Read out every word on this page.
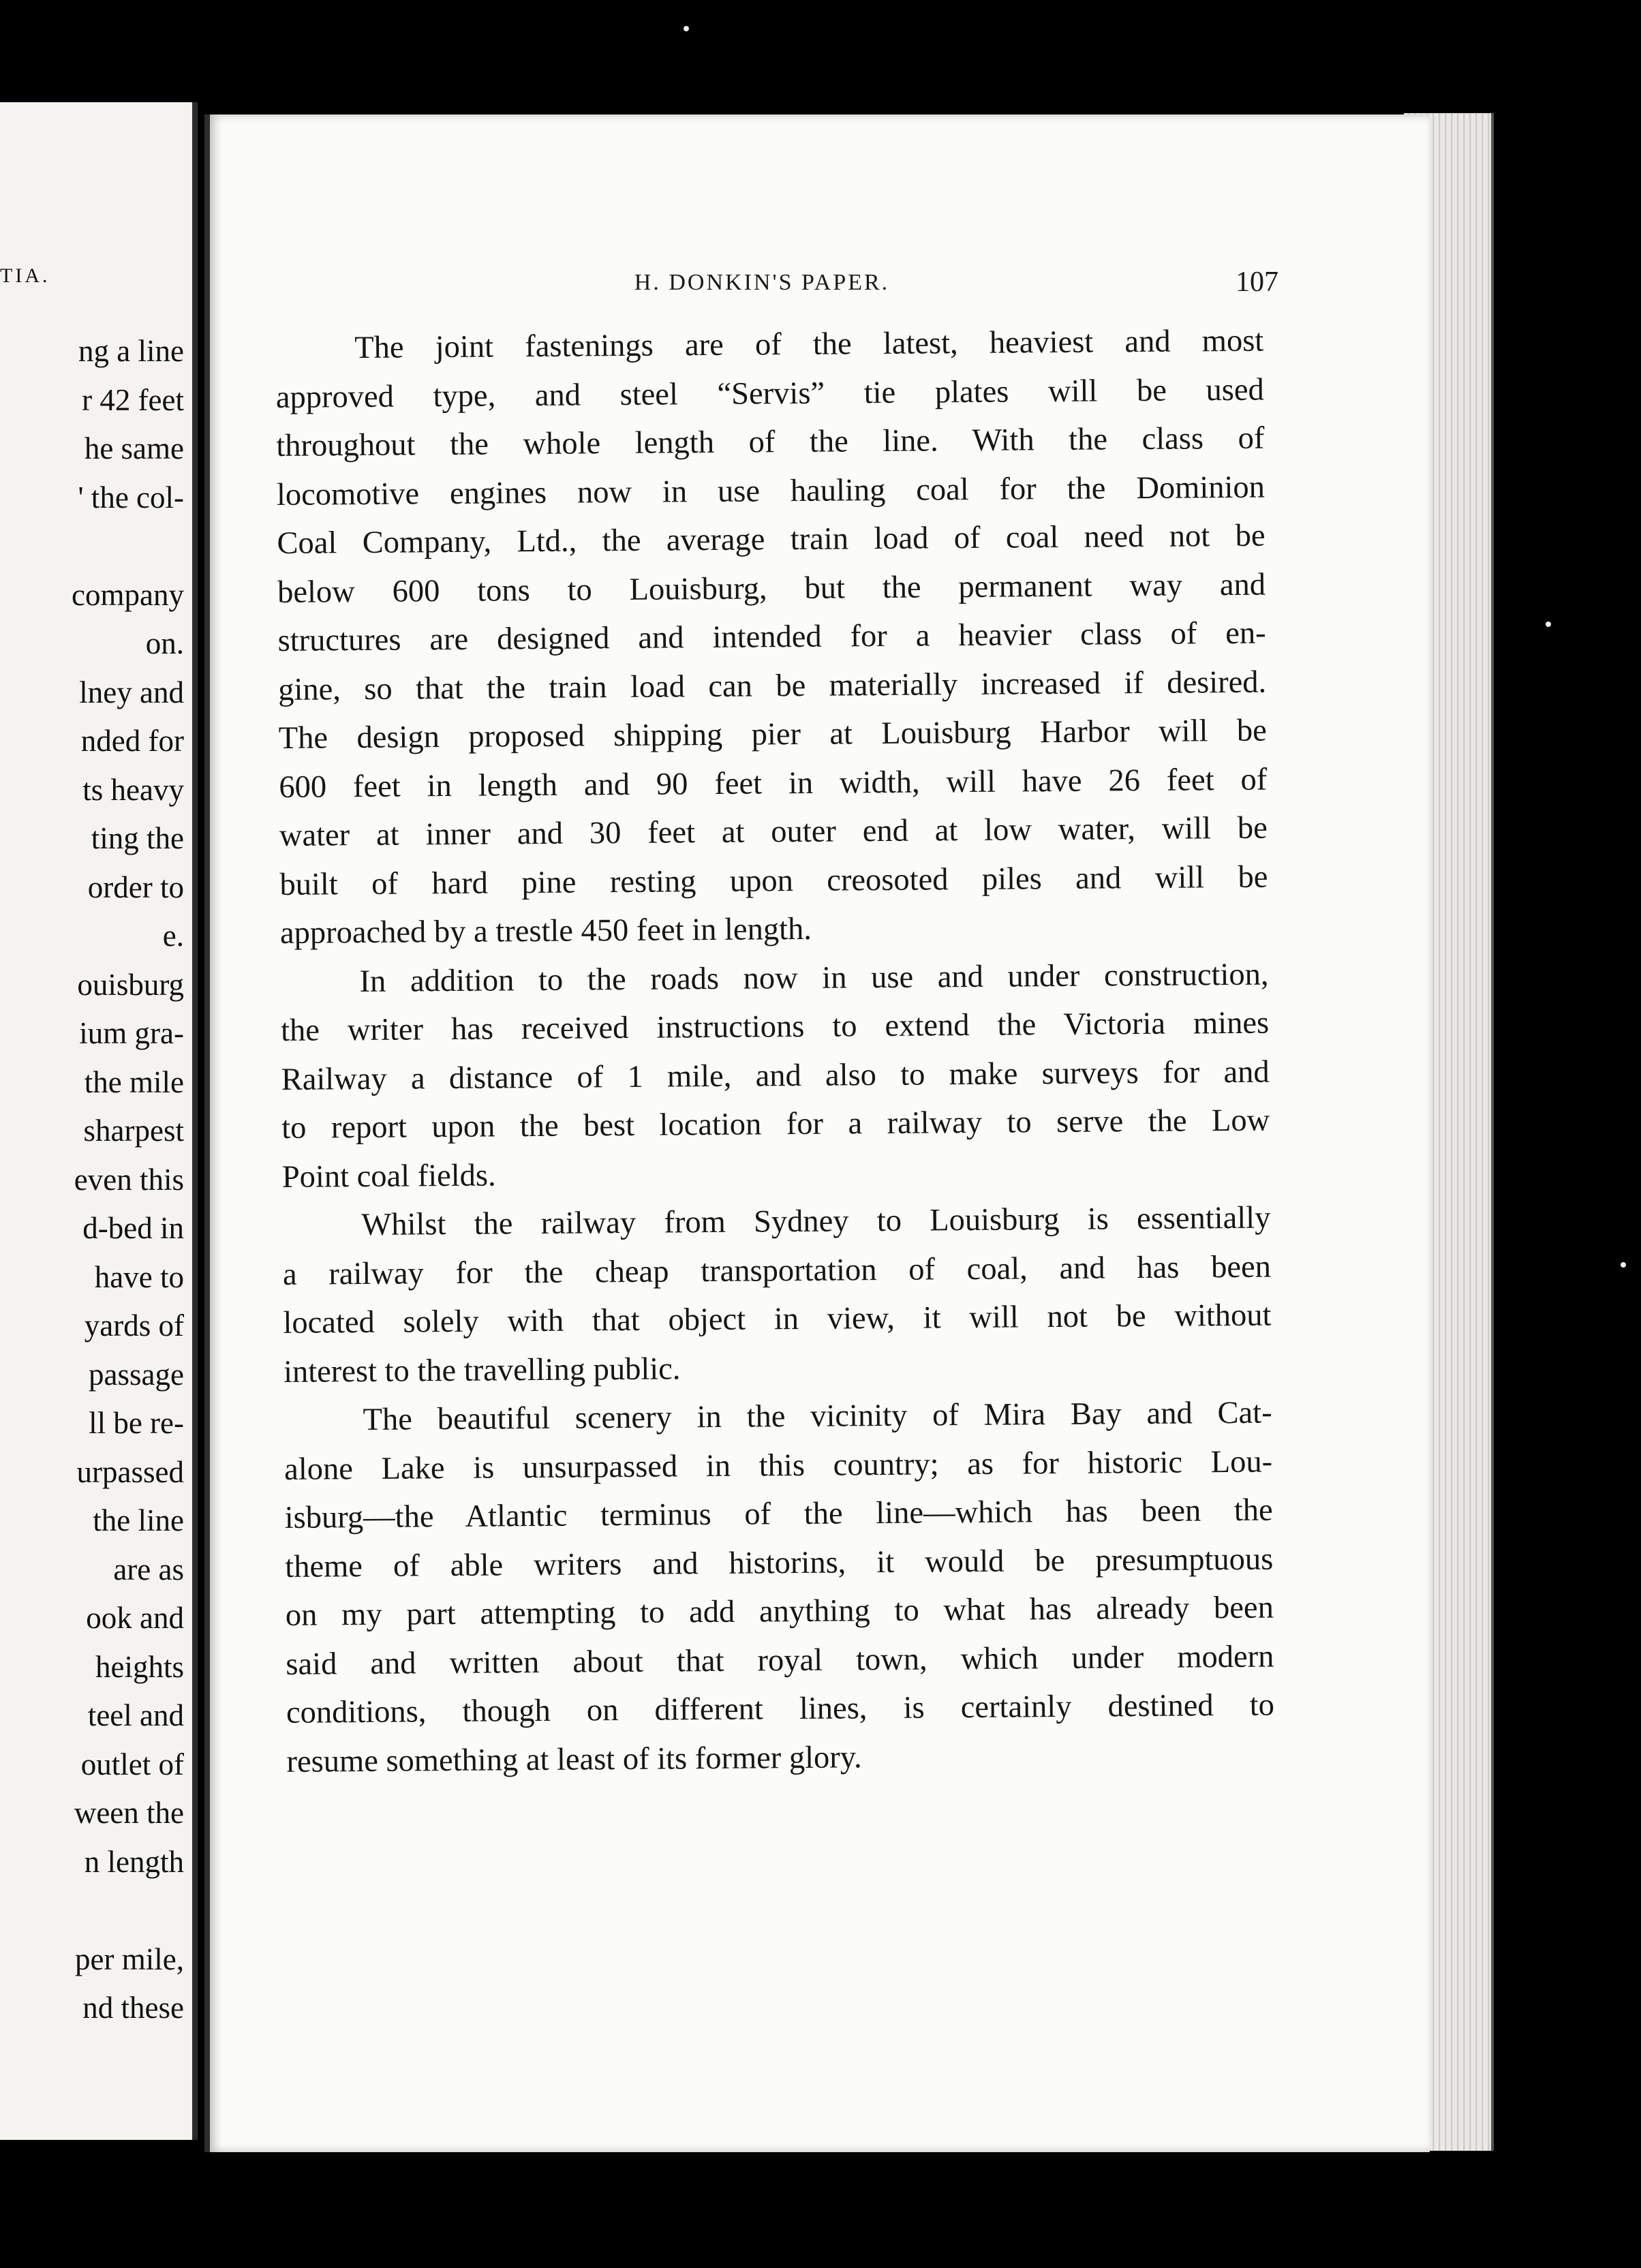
TIA.
ng a line
r 42 feet
he same
' the col-
company
on.
lney and
nded for
ts heavy
ting the
order to
e.
ouisburg
ium gra-
the mile
sharpest
even this
d-bed in
have to
yards of
passage
ll be re-
urpassed
the line
are as
ook and
heights
teel and
outlet of
ween the
n length
per mile,
nd these
H. DONKIN'S PAPER.	107
The joint fastenings are of the latest, heaviest and most
approved type, and steel “Servis” tie plates will be used
throughout the whole length of the line. With the class of
locomotive engines now in use hauling coal for the Dominion
Coal Company, Ltd., the average train load of coal need not be
below 600 tons to Louisburg, but the permanent way and
structures are designed and intended for a heavier class of en-
gine, so that the train load can be materially increased if desired.
The design proposed shipping pier at Louisburg Harbor will be
600 feet in length and 90 feet in width, will have 26 feet of
water at inner and 30 feet at outer end at low water, will be
built of hard pine resting upon creosoted piles and will be
approached by a trestle 450 feet in length.
In addition to the roads now in use and under construction,
the writer has received instructions to extend the Victoria mines
Railway a distance of 1 mile, and also to make surveys for and
to report upon the best location for a railway to serve the Low
Point coal fields.
Whilst the railway from Sydney to Louisburg is essentially
a railway for the cheap transportation of coal, and has been
located solely with that object in view, it will not be without
interest to the travelling public.
The beautiful scenery in the vicinity of Mira Bay and Cat-
alone Lake is unsurpassed in this country; as for historic Lou-
isburg—the Atlantic terminus of the line—which has been the
theme of able writers and historins, it would be presumptuous
on my part attempting to add anything to what has already been
said and written about that royal town, which under modern
conditions, though on different lines, is certainly destined to
resume something at least of its former glory.
